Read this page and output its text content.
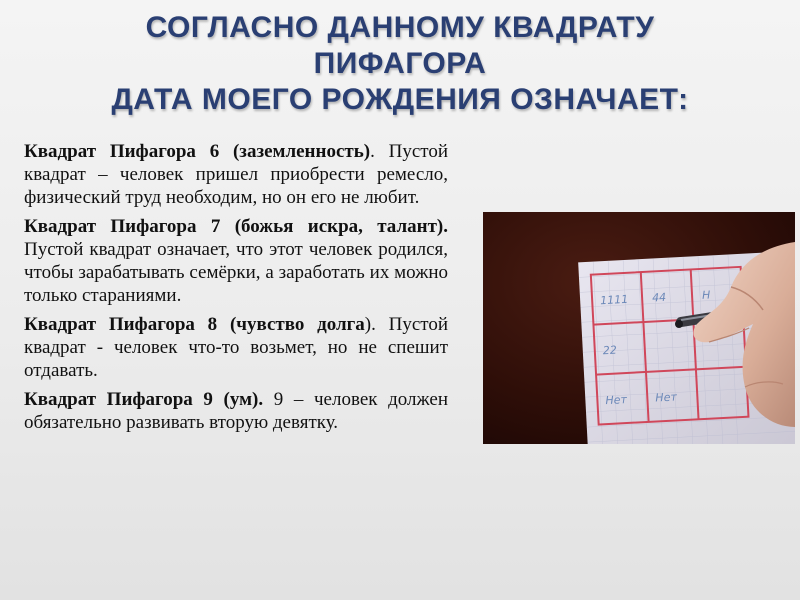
СОГЛАСНО ДАННОМУ КВАДРАТУ
ПИФАГОРА
ДАТА МОЕГО РОЖДЕНИЯ ОЗНАЧАЕТ:

Квадрат Пифагора 6 (заземленность). Пустой квадрат – человек пришел приобрести ремесло, физический труд необходим, но он его не любит.

Квадрат Пифагора 7 (божья искра, талант). Пустой квадрат означает, что этот человек родился, чтобы зарабатывать семёрки, а заработать их можно только стараниями.

Квадрат Пифагора 8 (чувство долга). Пустой квадрат - человек что-то возьмет, но не спешит отдавать.

Квадрат Пифагора 9 (ум). 9 – человек должен обязательно развивать вторую девятку.

1111 44	Н
22
Нет	Нет
